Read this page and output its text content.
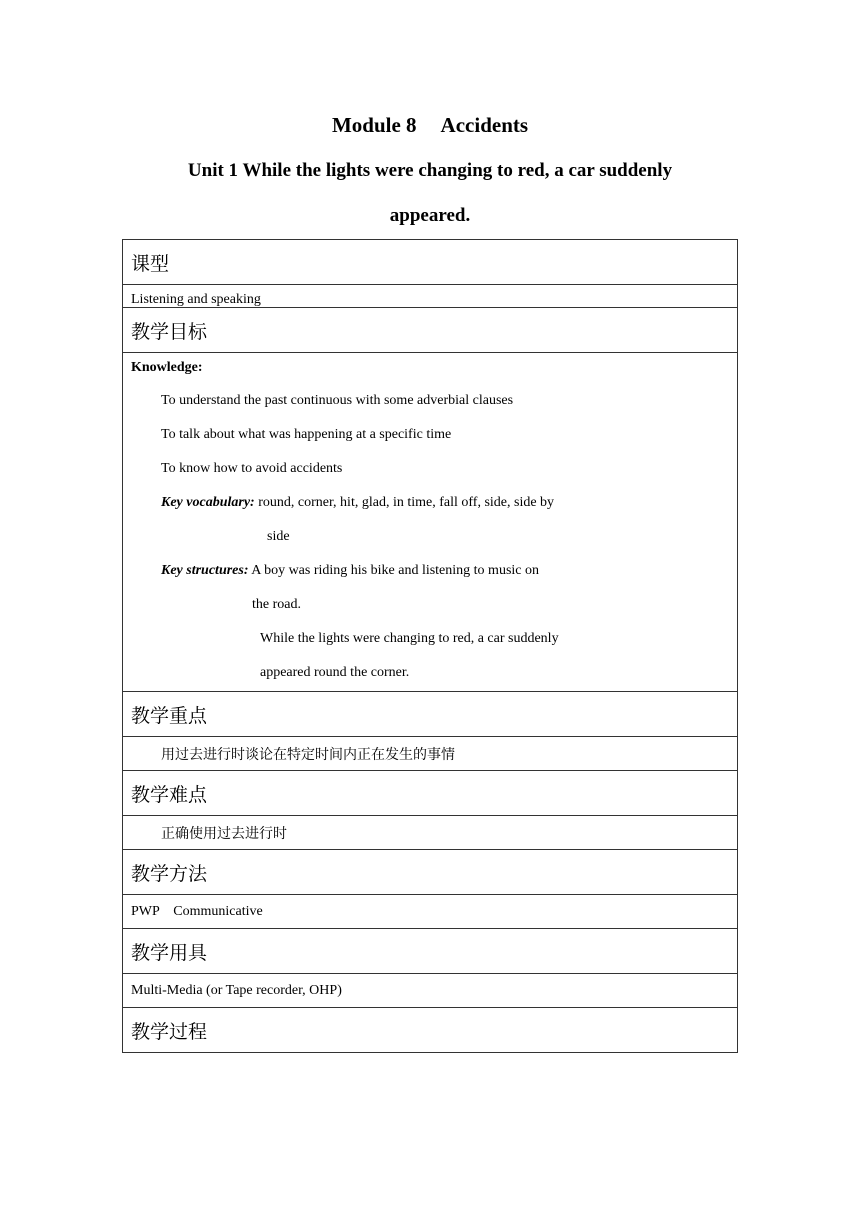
Module 8 Accidents
Unit 1 While the lights were changing to red, a car suddenly
appeared.
课型
Listening and speaking
教学目标

Knowledge:
To understand the past continuous with some adverbial clauses
To talk about what was happening at a specific time
To know how to avoid accidents
Key vocabulary: round, corner, hit, glad, in time, fall off, side, side by
side
Key structures: A boy was riding his bike and listening to music on
the road.
While the lights were changing to red, a car suddenly
appeared round the corner.

教学重点
用过去进行时谈论在特定时间内正在发生的事情
教学难点
正确使用过去进行时
教学方法
PWP    Communicative
教学用具
Multi-Media (or Tape recorder, OHP)
教学过程
